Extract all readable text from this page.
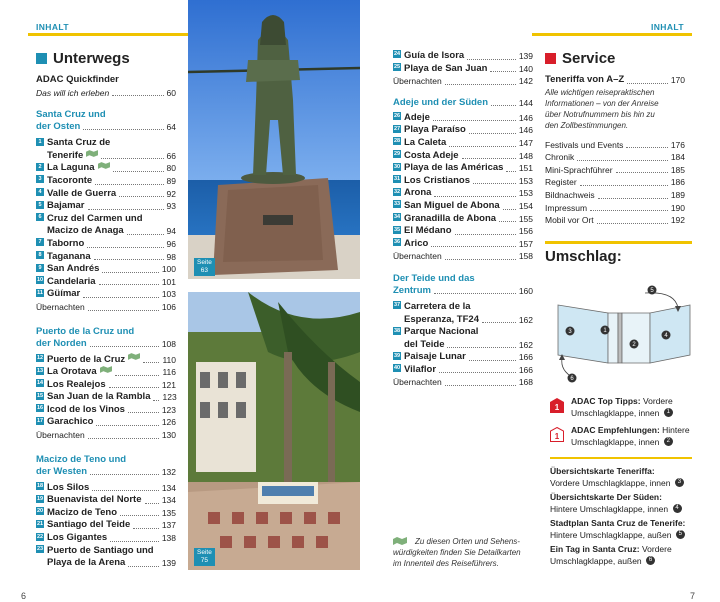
INHALT	INHALT
6	7
Unterwegs
ADAC Quickfinder
Das will ich erleben	60
Santa Cruz und
der Osten	64
1 Santa Cruz de
Tenerife	66
2 La Laguna	80
3 Tacoronte	89
4 Valle de Guerra	92
5 Bajamar	93
6 Cruz del Carmen und
Macizo de Anaga	94
7 Taborno	96
8 Taganana	98
9 San Andrés	100
10 Candelaria	101
11 Güímar	103
Übernachten	106
Puerto de la Cruz und
der Norden	108
12 Puerto de la Cruz	110
13 La Orotava	116
14 Los Realejos	121
15 San Juan de la Rambla 123
16 Icod de los Vinos	123
17 Garachico	126
Übernachten	130
Macizo de Teno und
der Westen	132
18 Los Silos	134
19 Buenavista del Norte 134
20 Macizo de Teno	135
21 Santiago del Teide	137
22 Los Gigantes	138
23 Puerto de Santiago und
Playa de la Arena	139
Seite
63
Seite
75
24 Guía de Isora	139
25 Playa de San Juan	140
Übernachten	142
Adeje und der Süden	144
26 Adeje	146
27 Playa Paraíso	146
28 La Caleta	147
29 Costa Adeje	148
30 Playa de las Américas 151
31 Los Cristianos	153
32 Arona	153
33 San Miguel de Abona 154
34 Granadilla de Abona	155
35 El Médano	156
36 Arico	157
Übernachten	158
Der Teide und das
Zentrum	160
37 Carretera de la
Esperanza, TF24	162
38 Parque Nacional
del Teide	162
39 Paisaje Lunar	166
40 Vilaflor	166
Übernachten	168
Zu diesen Orten und Sehens-
würdigkeiten finden Sie Detailkarten
im Innenteil des Reiseführers.
Service
Teneriffa von A–Z	170
Alle wichtigen reisepraktischen
Informationen – von der Anreise
über Notrufnummern bis hin zu
den Zollbestimmungen.
Festivals und Events	176
Chronik	184
Mini-Sprachführer	185
Register	186
Bildnachweis	189
Impressum	190
Mobil vor Ort	192
Umschlag:
1
2
3
4
5
6
1
ADAC Top Tipps: Vordere
Umschlagklappe, innen 1
1
ADAC Empfehlungen: Hintere
Umschlagklappe, innen 2

Übersichtskarte Teneriffa:

Vordere Umschlagklappe, innen 3

Übersichtskarte Der Süden:

Hintere Umschlagklappe, innen 4

Stadtplan Santa Cruz de Tenerife:

Hintere Umschlagklappe, außen 5

Ein Tag in Santa Cruz: Vordere

Umschlagklappe, außen 6
